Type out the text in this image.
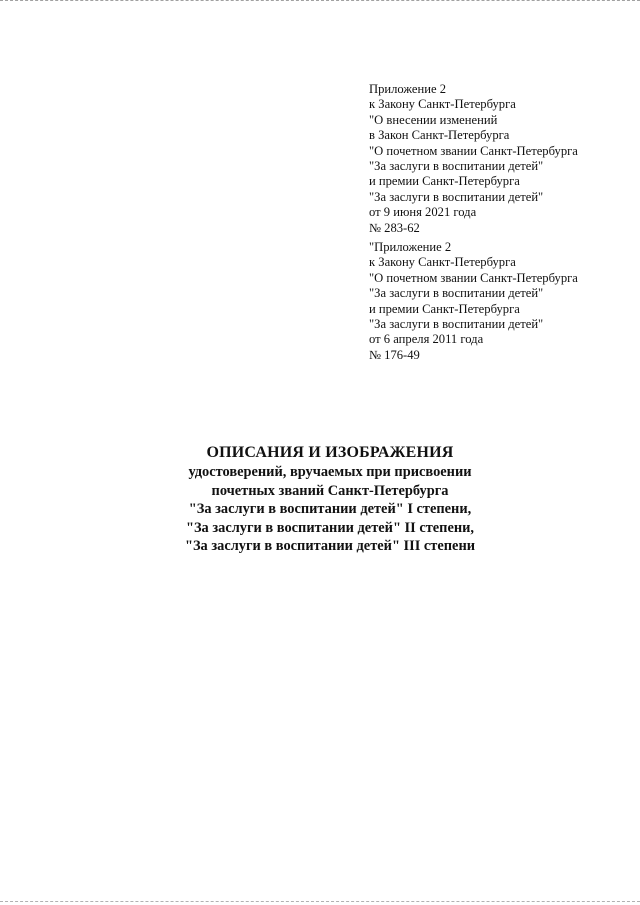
Приложение 2
к Закону Санкт-Петербурга
"О внесении изменений
в Закон Санкт-Петербурга
"О почетном звании Санкт-Петербурга
"За заслуги в воспитании детей"
и премии Санкт-Петербурга
"За заслуги в воспитании детей"
от 9 июня 2021 года
№ 283-62
"Приложение 2
к Закону Санкт-Петербурга
"О почетном звании Санкт-Петербурга
"За заслуги в воспитании детей"
и премии Санкт-Петербурга
"За заслуги в воспитании детей"
от 6 апреля 2011 года
№ 176-49
ОПИСАНИЯ И ИЗОБРАЖЕНИЯ
удостоверений, вручаемых при присвоении
почетных званий Санкт-Петербурга
"За заслуги в воспитании детей" I степени,
"За заслуги в воспитании детей" II степени,
"За заслуги в воспитании детей" III степени
